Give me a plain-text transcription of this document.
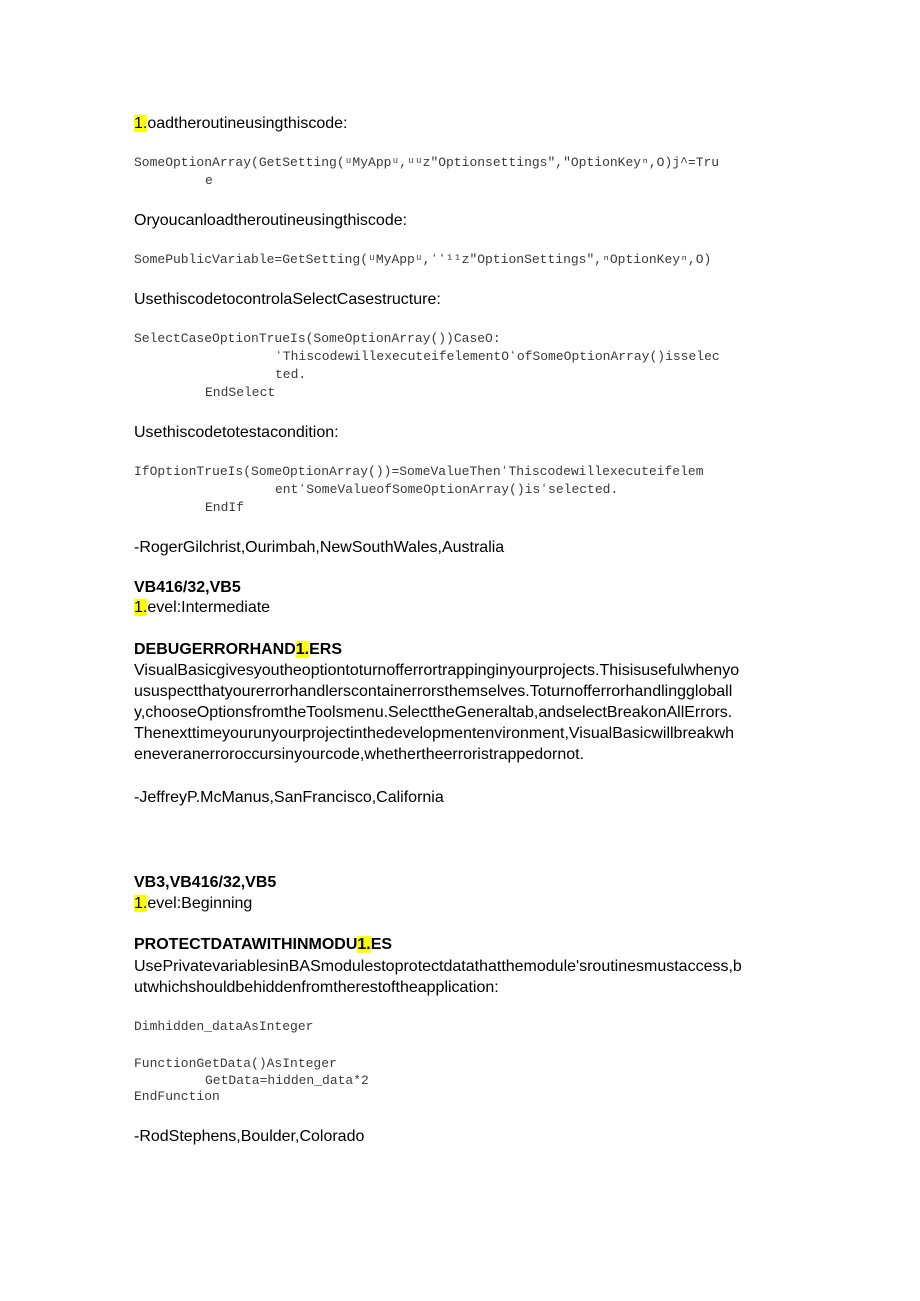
1.oadtheroutineusingthiscode:
SomeOptionArray(GetSetting(ᵘMyAppᵘ,ᵘᵘz"Optionsettings","OptionKeyⁿ,O)j^=Tru
e
Oryoucanloadtheroutineusingthiscode:
SomePublicVariable=GetSetting(ᵘMyAppᵘ,ʻʻ¹¹z"OptionSettings",ⁿOptionKeyⁿ,O)
UsethiscodetocontrolaSelectCasestructure:
SelectCaseOptionTrueIs(SomeOptionArray())CaseO:
ʻThiscodewillexecuteifelementOʻofSomeOptionArray()isselec
ted.
EndSelect
Usethiscodetotestacondition:
IfOptionTrueIs(SomeOptionArray())=SomeValueThenʻThiscodewillexecuteifelem
entʻSomeValueofSomeOptionArray()isʻselected.
EndIf
-RogerGilchrist,Ourimbah,NewSouthWales,Australia
VB416/32,VB5
1.evel:Intermediate
DEBUGERRORHAND1.ERS
VisualBasicgivesyoutheoptiontoturnofferrortrappinginyourprojects.Thisisusefulwhenyo
ususpectthatyourerrorhandlerscontainerrorsthemselves.Toturnofferrorhandlinggloball
y,chooseOptionsfromtheToolsmenu.SelecttheGeneraltab,andselectBreakonAllErrors.
Thenexttimeyourunyourprojectinthedevelopmentenvironment,VisualBasicwillbreakwh
eneveranerroroccursinyourcode,whethertheerroristrappedornot.
-JeffreyP.McManus,SanFrancisco,California
VB3,VB416/32,VB5
1.evel:Beginning
PROTECTDATAWITHINMODU1.ES
UsePrivatevariablesinBASmodulestoprotectdatathatthemodule'sroutinesmustaccess,b
utwhichshouldbehiddenfromtherestoftheapplication:
Dimhidden_dataAsInteger
FunctionGetData()AsInteger
GetData=hidden_data*2
EndFunction
-RodStephens,Boulder,Colorado
